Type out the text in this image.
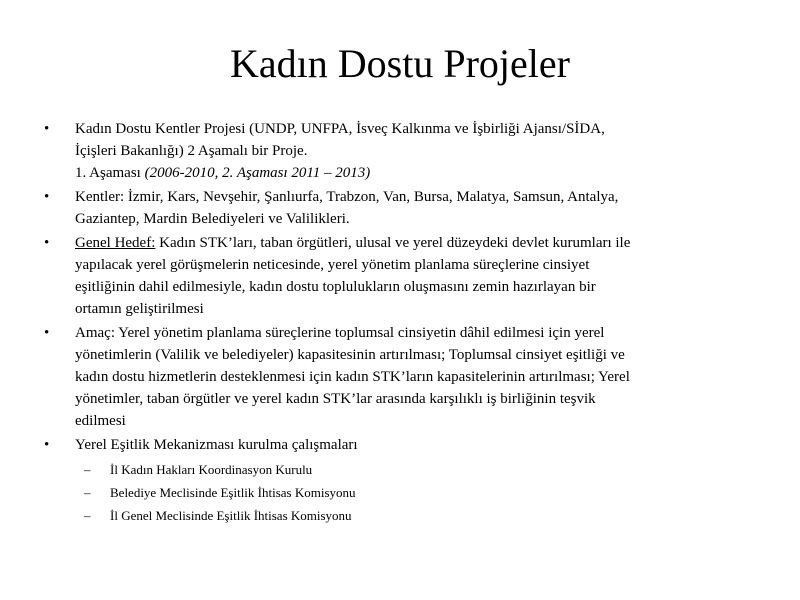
Kadın Dostu Projeler
• Kadın Dostu Kentler Projesi (UNDP, UNFPA, İsveç Kalkınma ve İşbirliği Ajansı/SİDA,
İçişleri Bakanlığı) 2 Aşamalı bir Proje.
1. Aşaması (2006-2010, 2. Aşaması 2011 – 2013)
• Kentler: İzmir, Kars, Nevşehir, Şanlıurfa, Trabzon, Van, Bursa, Malatya, Samsun, Antalya,
Gaziantep, Mardin Belediyeleri ve Valilikleri.
• Genel Hedef: Kadın STK’ları, taban örgütleri, ulusal ve yerel düzeydeki devlet kurumları ile
yapılacak yerel görüşmelerin neticesinde, yerel yönetim planlama süreçlerine cinsiyet
eşitliğinin dahil edilmesiyle, kadın dostu toplulukların oluşmasını zemin hazırlayan bir
ortamın geliştirilmesi
• Amaç: Yerel yönetim planlama süreçlerine toplumsal cinsiyetin dâhil edilmesi için yerel
yönetimlerin (Valilik ve belediyeler) kapasitesinin artırılması; Toplumsal cinsiyet eşitliği ve
kadın dostu hizmetlerin desteklenmesi için kadın STK’ların kapasitelerinin artırılması; Yerel
yönetimler, taban örgütler ve yerel kadın STK’lar arasında karşılıklı iş birliğinin teşvik
edilmesi
• Yerel Eşitlik Mekanizması kurulma çalışmaları
– İl Kadın Hakları Koordinasyon Kurulu
– Belediye Meclisinde Eşitlik İhtisas Komisyonu
– İl Genel Meclisinde Eşitlik İhtisas Komisyonu
